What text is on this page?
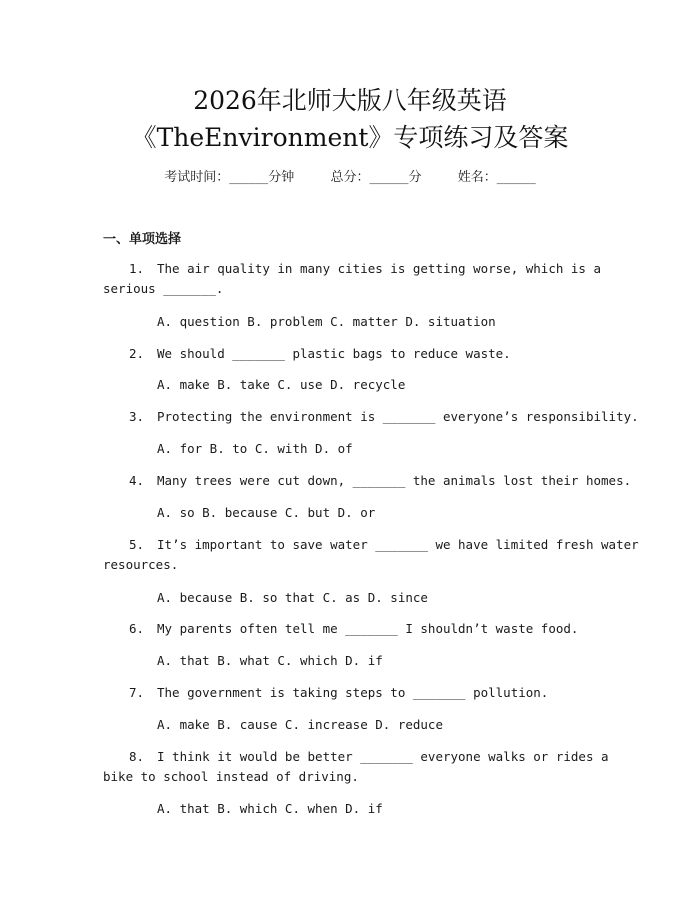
2026年北师大版八年级英语
《TheEnvironment》专项练习及答案
考试时间：______分钟	总分：______分	姓名：______
一、单项选择
1. The air quality in many cities is getting worse, which is a
serious _______.
A. question B. problem C. matter D. situation
2. We should _______ plastic bags to reduce waste.
A. make B. take C. use D. recycle
3. Protecting the environment is _______ everyone’s responsibility.
A. for B. to C. with D. of
4. Many trees were cut down, _______ the animals lost their homes.
A. so B. because C. but D. or
5. It’s important to save water _______ we have limited fresh water
resources.
A. because B. so that C. as D. since
6. My parents often tell me _______ I shouldn’t waste food.
A. that B. what C. which D. if
7. The government is taking steps to _______ pollution.
A. make B. cause C. increase D. reduce
8. I think it would be better _______ everyone walks or rides a
bike to school instead of driving.
A. that B. which C. when D. if
